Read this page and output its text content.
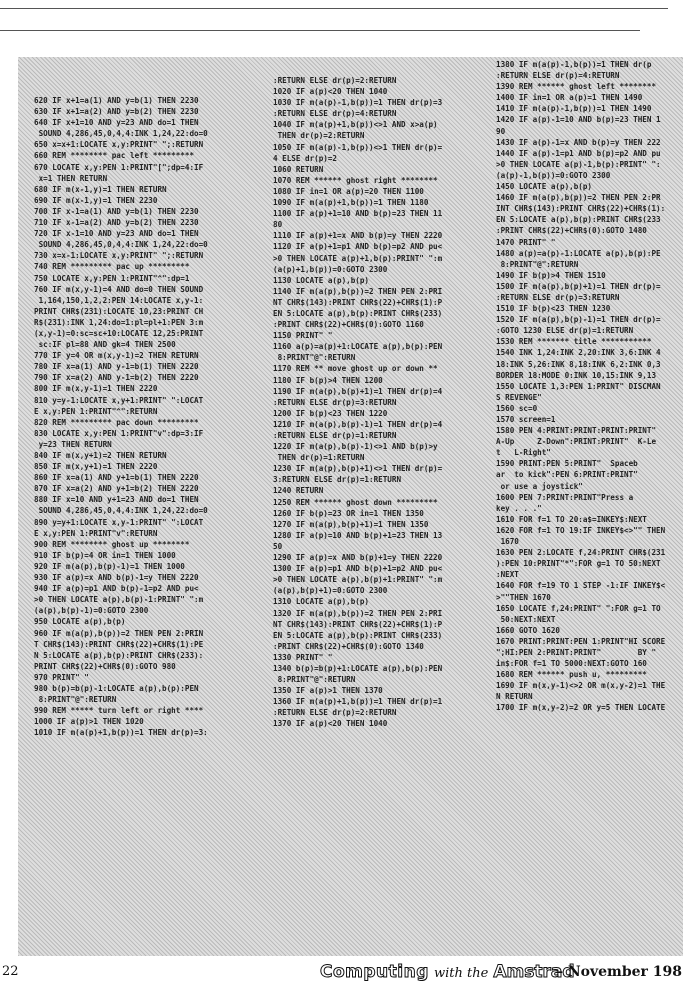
620 IF x+1=a(1) AND y=b(1) THEN 2230
630 IF x+1=a(2) AND y=b(2) THEN 2230
640 IF x+1=10 AND y=23 AND do=1 THEN
SOUND 4,286,45,0,4,4:INK 1,24,22:do=0
650 x=x+1:LOCATE x,y:PRINT" ";:RETURN
660 REM ******** pac left *********
670 LOCATE x,y:PEN 1:PRINT"[";dp=4:IF
x=1 THEN RETURN
680 IF m(x-1,y)=1 THEN RETURN
690 IF m(x-1,y)=1 THEN 2230
700 IF x-1=a(1) AND y=b(1) THEN 2230
710 IF x-1=a(2) AND y=b(2) THEN 2230
720 IF x-1=10 AND y=23 AND do=1 THEN
SOUND 4,286,45,0,4,4:INK 1,24,22:do=0
730 x=x-1:LOCATE x,y:PRINT" ";:RETURN
740 REM ********* pac up *********
750 LOCATE x,y:PEN 1:PRINT"^":dp=1
760 IF m(x,y-1)=4 AND do=0 THEN SOUND
1,164,150,1,2,2:PEN 14:LOCATE x,y-1:
PRINT CHR$(231):LOCATE 10,23:PRINT CH
R$(231):INK 1,24:do=1:pl=pl+1:PEN 3:m
(x,y-1)=0:sc=sc+10:LOCATE 12,25:PRINT
sc:IF pl=88 AND gk=4 THEN 2500
770 IF y=4 OR m(x,y-1)=2 THEN RETURN
780 IF x=a(1) AND y-1=b(1) THEN 2220
790 IF x=a(2) AND y-1=b(2) THEN 2220
800 IF m(x,y-1)=1 THEN 2220
810 y=y-1:LOCATE x,y+1:PRINT" ":LOCAT
E x,y:PEN 1:PRINT"^":RETURN
820 REM ********* pac down *********
830 LOCATE x,y:PEN 1:PRINT"v":dp=3:IF
y=23 THEN RETURN
840 IF m(x,y+1)=2 THEN RETURN
850 IF m(x,y+1)=1 THEN 2220
860 IF x=a(1) AND y+1=b(1) THEN 2220
870 IF x=a(2) AND y+1=b(2) THEN 2220
880 IF x=10 AND y+1=23 AND do=1 THEN
SOUND 4,286,45,0,4,4:INK 1,24,22:do=0
890 y=y+1:LOCATE x,y-1:PRINT" ":LOCAT
E x,y:PEN 1:PRINT"v":RETURN
900 REM ******** ghost up ********
910 IF b(p)=4 OR in=1 THEN 1000
920 IF m(a(p),b(p)-1)=1 THEN 1000
930 IF a(p)=x AND b(p)-1=y THEN 2220
940 IF a(p)=p1 AND b(p)-1=p2 AND pu<
>0 THEN LOCATE a(p),b(p)-1:PRINT" ":m
(a(p),b(p)-1)=0:GOTO 2300
950 LOCATE a(p),b(p)
960 IF m(a(p),b(p))=2 THEN PEN 2:PRIN
T CHR$(143):PRINT CHR$(22)+CHR$(1):PE
N 5:LOCATE a(p),b(p):PRINT CHR$(233):
PRINT CHR$(22)+CHR$(0):GOTO 980
970 PRINT" "
980 b(p)=b(p)-1:LOCATE a(p),b(p):PEN
8:PRINT"@":RETURN
990 REM ***** turn left or right ****
1000 IF a(p)>1 THEN 1020
1010 IF m(a(p)+1,b(p))=1 THEN dr(p)=3:
:RETURN ELSE dr(p)=2:RETURN
1020 IF a(p)<20 THEN 1040
1030 IF m(a(p)-1,b(p))=1 THEN dr(p)=3
:RETURN ELSE dr(p)=4:RETURN
1040 IF m(a(p)+1,b(p))<>1 AND x>a(p)
THEN dr(p)=2:RETURN
1050 IF m(a(p)-1,b(p))<>1 THEN dr(p)=
4 ELSE dr(p)=2
1060 RETURN
1070 REM ****** ghost right ********
1080 IF in=1 OR a(p)=20 THEN 1100
1090 IF m(a(p)+1,b(p))=1 THEN 1180
1100 IF a(p)+1=10 AND b(p)=23 THEN 11
80
1110 IF a(p)+1=x AND b(p)=y THEN 2220
1120 IF a(p)+1=p1 AND b(p)=p2 AND pu<
>0 THEN LOCATE a(p)+1,b(p):PRINT" ":m
(a(p)+1,b(p))=0:GOTO 2300
1130 LOCATE a(p),b(p)
1140 IF m(a(p),b(p))=2 THEN PEN 2:PRI
NT CHR$(143):PRINT CHR$(22)+CHR$(1):P
EN 5:LOCATE a(p),b(p):PRINT CHR$(233)
:PRINT CHR$(22)+CHR$(0):GOTO 1160
1150 PRINT" "
1160 a(p)=a(p)+1:LOCATE a(p),b(p):PEN
8:PRINT"@":RETURN
1170 REM ** move ghost up or down **
1180 IF b(p)>4 THEN 1200
1190 IF m(a(p),b(p)+1)=1 THEN dr(p)=4
:RETURN ELSE dr(p)=3:RETURN
1200 IF b(p)<23 THEN 1220
1210 IF m(a(p),b(p)-1)=1 THEN dr(p)=4
:RETURN ELSE dr(p)=1:RETURN
1220 IF m(a(p),b(p)-1)<>1 AND b(p)>y
THEN dr(p)=1:RETURN
1230 IF m(a(p),b(p)+1)<>1 THEN dr(p)=
3:RETURN ELSE dr(p)=1:RETURN
1240 RETURN
1250 REM ****** ghost down *********
1260 IF b(p)=23 OR in=1 THEN 1350
1270 IF m(a(p),b(p)+1)=1 THEN 1350
1280 IF a(p)=10 AND b(p)+1=23 THEN 13
50
1290 IF a(p)=x AND b(p)+1=y THEN 2220
1300 IF a(p)=p1 AND b(p)+1=p2 AND pu<
>0 THEN LOCATE a(p),b(p)+1:PRINT" ":m
(a(p),b(p)+1)=0:GOTO 2300
1310 LOCATE a(p),b(p)
1320 IF m(a(p),b(p))=2 THEN PEN 2:PRI
NT CHR$(143):PRINT CHR$(22)+CHR$(1):P
EN 5:LOCATE a(p),b(p):PRINT CHR$(233)
:PRINT CHR$(22)+CHR$(0):GOTO 1340
1330 PRINT" "
1340 b(p)=b(p)+1:LOCATE a(p),b(p):PEN
8:PRINT"@":RETURN
1350 IF a(p)>1 THEN 1370
1360 IF m(a(p)+1,b(p))=1 THEN dr(p)=1
:RETURN ELSE dr(p)=2:RETURN
1370 IF a(p)<20 THEN 1040
1380 IF m(a(p)-1,b(p))=1 THEN dr(p
:RETURN ELSE dr(p)=4:RETURN
1390 REM ****** ghost left ********
1400 IF in=1 OR a(p)=1 THEN 1490
1410 IF m(a(p)-1,b(p))=1 THEN 1490
1420 IF a(p)-1=10 AND b(p)=23 THEN 1
90
1430 IF a(p)-1=x AND b(p)=y THEN 222
1440 IF a(p)-1=p1 AND b(p)=p2 AND pu
>0 THEN LOCATE a(p)-1,b(p):PRINT" ":
(a(p)-1,b(p))=0:GOTO 2300
1450 LOCATE a(p),b(p)
1460 IF m(a(p),b(p))=2 THEN PEN 2:PR
INT CHR$(143):PRINT CHR$(22)+CHR$(1):
EN 5:LOCATE a(p),b(p):PRINT CHR$(233
:PRINT CHR$(22)+CHR$(0):GOTO 1480
1470 PRINT" "
1480 a(p)=a(p)-1:LOCATE a(p),b(p):PE
8:PRINT"@":RETURN
1490 IF b(p)>4 THEN 1510
1500 IF m(a(p),b(p)+1)=1 THEN dr(p)=
:RETURN ELSE dr(p)=3:RETURN
1510 IF b(p)<23 THEN 1230
1520 IF m(a(p),b(p)-1)=1 THEN dr(p)=
:GOTO 1230 ELSE dr(p)=1:RETURN
1530 REM ******* title ***********
1540 INK 1,24:INK 2,20:INK 3,6:INK 4
18:INK 5,26:INK 8,18:INK 6,2:INK 0,3
BORDER 18:MODE 0:INK 10,15:INK 9,13
1550 LOCATE 1,3:PEN 1:PRINT" DISCMAN
S REVENGE"
1560 sc=0
1570 screen=1
1580 PEN 4:PRINT:PRINT:PRINT:PRINT"
A-Up     Z-Down":PRINT:PRINT"  K-Le
t   L-Right"
1590 PRINT:PEN 5:PRINT"  Spaceb
ar  to kick":PEN 6:PRINT:PRINT"
or use a joystick"
1600 PEN 7:PRINT:PRINT"Press a
key . . ."
1610 FOR f=1 TO 20:a$=INKEY$:NEXT
1620 FOR f=1 TO 19:IF INKEY$<>"" THEN
1670
1630 PEN 2:LOCATE f,24:PRINT CHR$(231
):PEN 10:PRINT"*":FOR g=1 TO 50:NEXT
:NEXT
1640 FOR f=19 TO 1 STEP -1:IF INKEY$<
>""THEN 1670
1650 LOCATE f,24:PRINT" ":FOR g=1 TO
50:NEXT:NEXT
1660 GOTO 1620
1670 PRINT:PRINT:PEN 1:PRINT"HI SCORE
";HI:PEN 2:PRINT:PRINT"        BY "
in$:FOR f=1 TO 5000:NEXT:GOTO 160
1680 REM ****** push u, *********
1690 IF m(x,y-1)<>2 OR m(x,y-2)=1 THE
N RETURN
1700 IF m(x,y-2)=2 OR y=5 THEN LOCATE
22	Computing with the Amstrad
– November 198
